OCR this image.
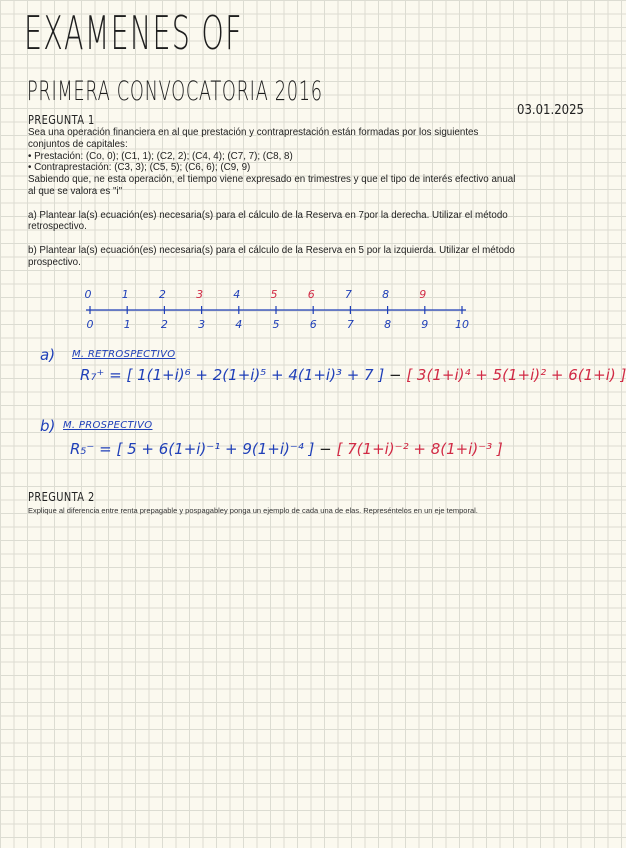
EXAMENES OF
PRIMERA CONVOCATORIA 2016
03.01.2025
PREGUNTA 1

Sea una operación financiera en al que prestación y contraprestación están formadas por los siguientes

conjuntos de capitales:

• Prestación: (Co, 0); (C1, 1); (C2, 2); (C4, 4); (C7, 7); (C8, 8)

• Contraprestación: (C3, 3); (C5, 5); (C6, 6); (C9, 9)

Sabiendo que, ne esta operación, el tiempo viene expresado en trimestres y que el tipo de interés efectivo anual

al que se valora es "i"

a) Plantear la(s) ecuación(es) necesaria(s) para el cálculo de la Reserva en 7por la derecha. Utilizar el método

retrospectivo.

b) Plantear la(s) ecuación(es) necesaria(s) para el cálculo de la Reserva en 5 por la izquierda. Utilizar el método

prospectivo.

0	1	2	3	4	5	6	7	8	9 10
0	1	2	3	4	5	6	7	8	9
a) M. RETROSPECTIVO
R₇⁺ = [ 1(1+i)⁶ + 2(1+i)⁵ + 4(1+i)³ + 7 ] − [ 3(1+i)⁴ + 5(1+i)² + 6(1+i) ]
b) M. PROSPECTIVO
R₅⁻ = [ 5 + 6(1+i)⁻¹ + 9(1+i)⁻⁴ ] − [ 7(1+i)⁻² + 8(1+i)⁻³ ]
PREGUNTA 2
Explique al diferencia entre renta prepagable y pospagabley ponga un ejemplo de cada una de elas. Represéntelos en un eje temporal.
